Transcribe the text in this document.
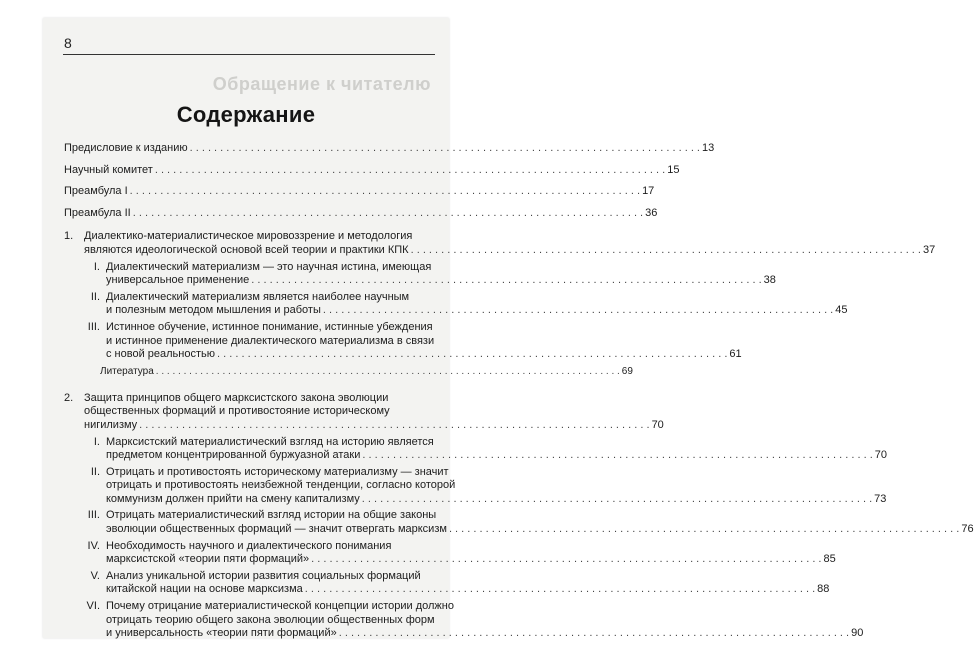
8
Обращение к читателю
Содержание
Предисловие к изданию . . .	13
Научный комитет . . .	15
Преамбула I . . .	17
Преамбула II . . .	36
1. Диалектико-материалистическое мировоззрение и методология
являются идеологической основой всей теории и практики КПК . . .	37
I. Диалектический материализм — это научная истина, имеющая
универсальное применение . . .	38
II. Диалектический материализм является наиболее научным
и полезным методом мышления и работы . . .	45
III. Истинное обучение, истинное понимание, истинные убеждения
и истинное применение диалектического материализма в связи
с новой реальностью . . .	61
Литература . . .	69
2. Защита принципов общего марксистского закона эволюции
общественных формаций и противостояние историческому
нигилизму . . .	70
I. Марксистский материалистический взгляд на историю является
предметом концентрированной буржуазной атаки . . .	70
II. Отрицать и противостоять историческому материализму — значит
отрицать и противостоять неизбежной тенденции, согласно которой
коммунизм должен прийти на смену капитализму . . .	73
III. Отрицать материалистический взгляд истории на общие законы
эволюции общественных формаций — значит отвергать марксизм . . .	76
IV. Необходимость научного и диалектического понимания
марксистской «теории пяти формаций» . . .	85
V. Анализ уникальной истории развития социальных формаций
китайской нации на основе марксизма . . .	88
VI. Почему отрицание материалистической концепции истории должно
отрицать теорию общего закона эволюции общественных форм
и универсальность «теории пяти формаций» . . .	90
